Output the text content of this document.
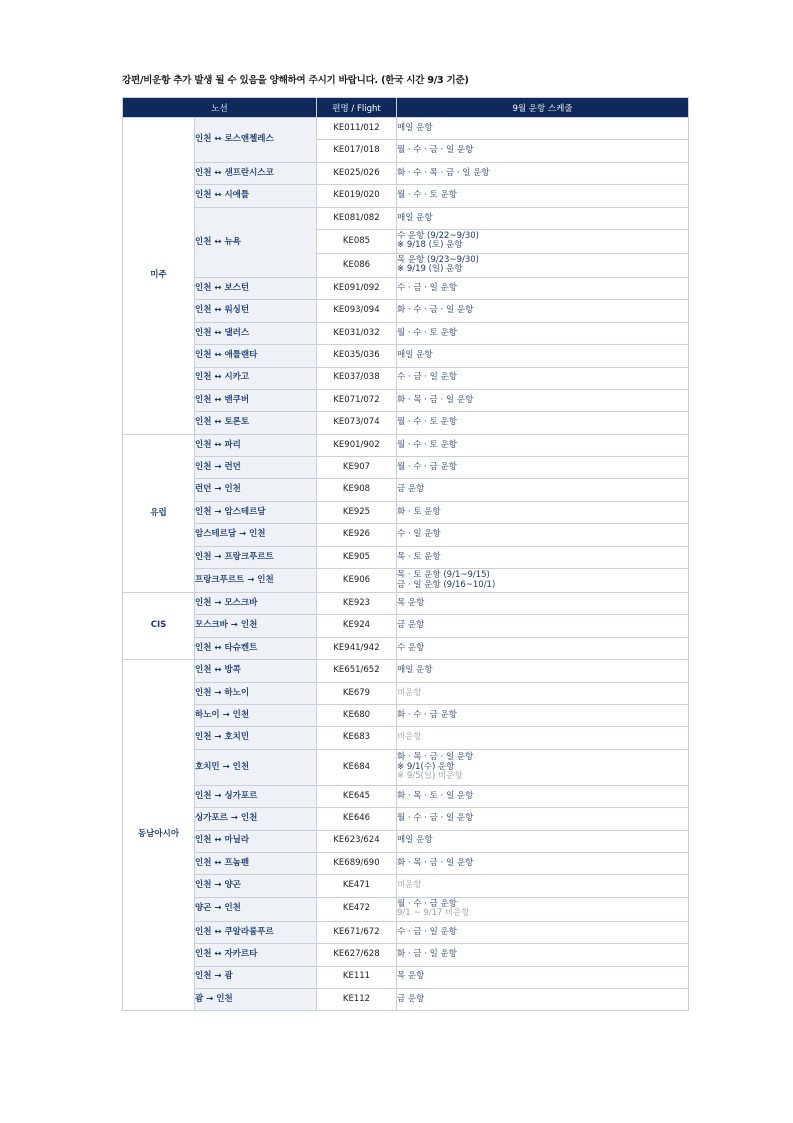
강편/비운항 추가 발생 될 수 있음을 양해하여 주시기 바랍니다. (한국 시간 9/3 기준)
노선		편명 / Flight	9월 운항 스케줄
미주	인천 ↔ 로스앤젤레스	KE011/012	매일 운항

		KE017/018	월 · 수 · 금 · 일 운항

	인천 ↔ 샌프란시스코	KE025/026	화 · 수 · 목 · 금 · 일 운항

	인천 ↔ 시애틀	KE019/020	월 · 수 · 토 운항

	인천 ↔ 뉴욕	KE081/082	매일 운항

		KE085	수 운항 (9/22~9/30)
※ 9/18 (토) 운항

		KE086	목 운항 (9/23~9/30)
※ 9/19 (일) 운항

	인천 ↔ 보스턴	KE091/092	수 · 금 · 일 운항

	인천 ↔ 워싱턴	KE093/094	화 · 수 · 금 · 일 운항

	인천 ↔ 댈러스	KE031/032	월 · 수 · 토 운항

	인천 ↔ 애틀랜타	KE035/036	매일 운항

	인천 ↔ 시카고	KE037/038	수 · 금 · 일 운항

	인천 ↔ 밴쿠버	KE071/072	화 · 목 · 금 · 일 운항

	인천 ↔ 토론토	KE073/074	월 · 수 · 토 운항

유럽	인천 ↔ 파리	KE901/902	월 · 수 · 토 운항

	인천 → 런던	KE907	월 · 수 · 금 운항

	런던 → 인천	KE908	금 운항

	인천 → 암스테르담	KE925	화 · 토 운항

	암스테르담 → 인천	KE926	수 · 일 운항

	인천 → 프랑크푸르트	KE905	목 · 토 운항

	프랑크푸르트 → 인천	KE906	목 · 토 운항 (9/1~9/15)
금 · 일 운항 (9/16~10/1)

CIS	인천 → 모스크바	KE923	목 운항

	모스크바 → 인천	KE924	금 운항

	인천 ↔ 타슈켄트	KE941/942	수 운항

동남아시아	인천 ↔ 방콕	KE651/652	매일 운항

	인천 → 하노이	KE679	비운항

	하노이 → 인천	KE680	화 · 수 · 금 운항

	인천 → 호치민	KE683	비운항

	호치민 → 인천	KE684	화 · 목 · 금 · 일 운항
※ 9/1(수) 운항
※ 9/5(일) 비운항

	인천 → 싱가포르	KE645	화 · 목 · 토 · 일 운항

	싱가포르 → 인천	KE646	월 · 수 · 금 · 일 운항

	인천 ↔ 마닐라	KE623/624	매일 운항

	인천 ↔ 프놈펜	KE689/690	화 · 목 · 금 · 일 운항

	인천 → 양곤	KE471	비운항

	양곤 → 인천	KE472	월 · 수 · 금 운항
9/1 ~ 9/17 비운항

	인천 ↔ 쿠알라룸푸르	KE671/672	수 · 금 · 일 운항

	인천 ↔ 자카르타	KE627/628	화 · 금 · 일 운항

	인천 → 괌	KE111	목 운항

	괌 → 인천	KE112	금 운항
